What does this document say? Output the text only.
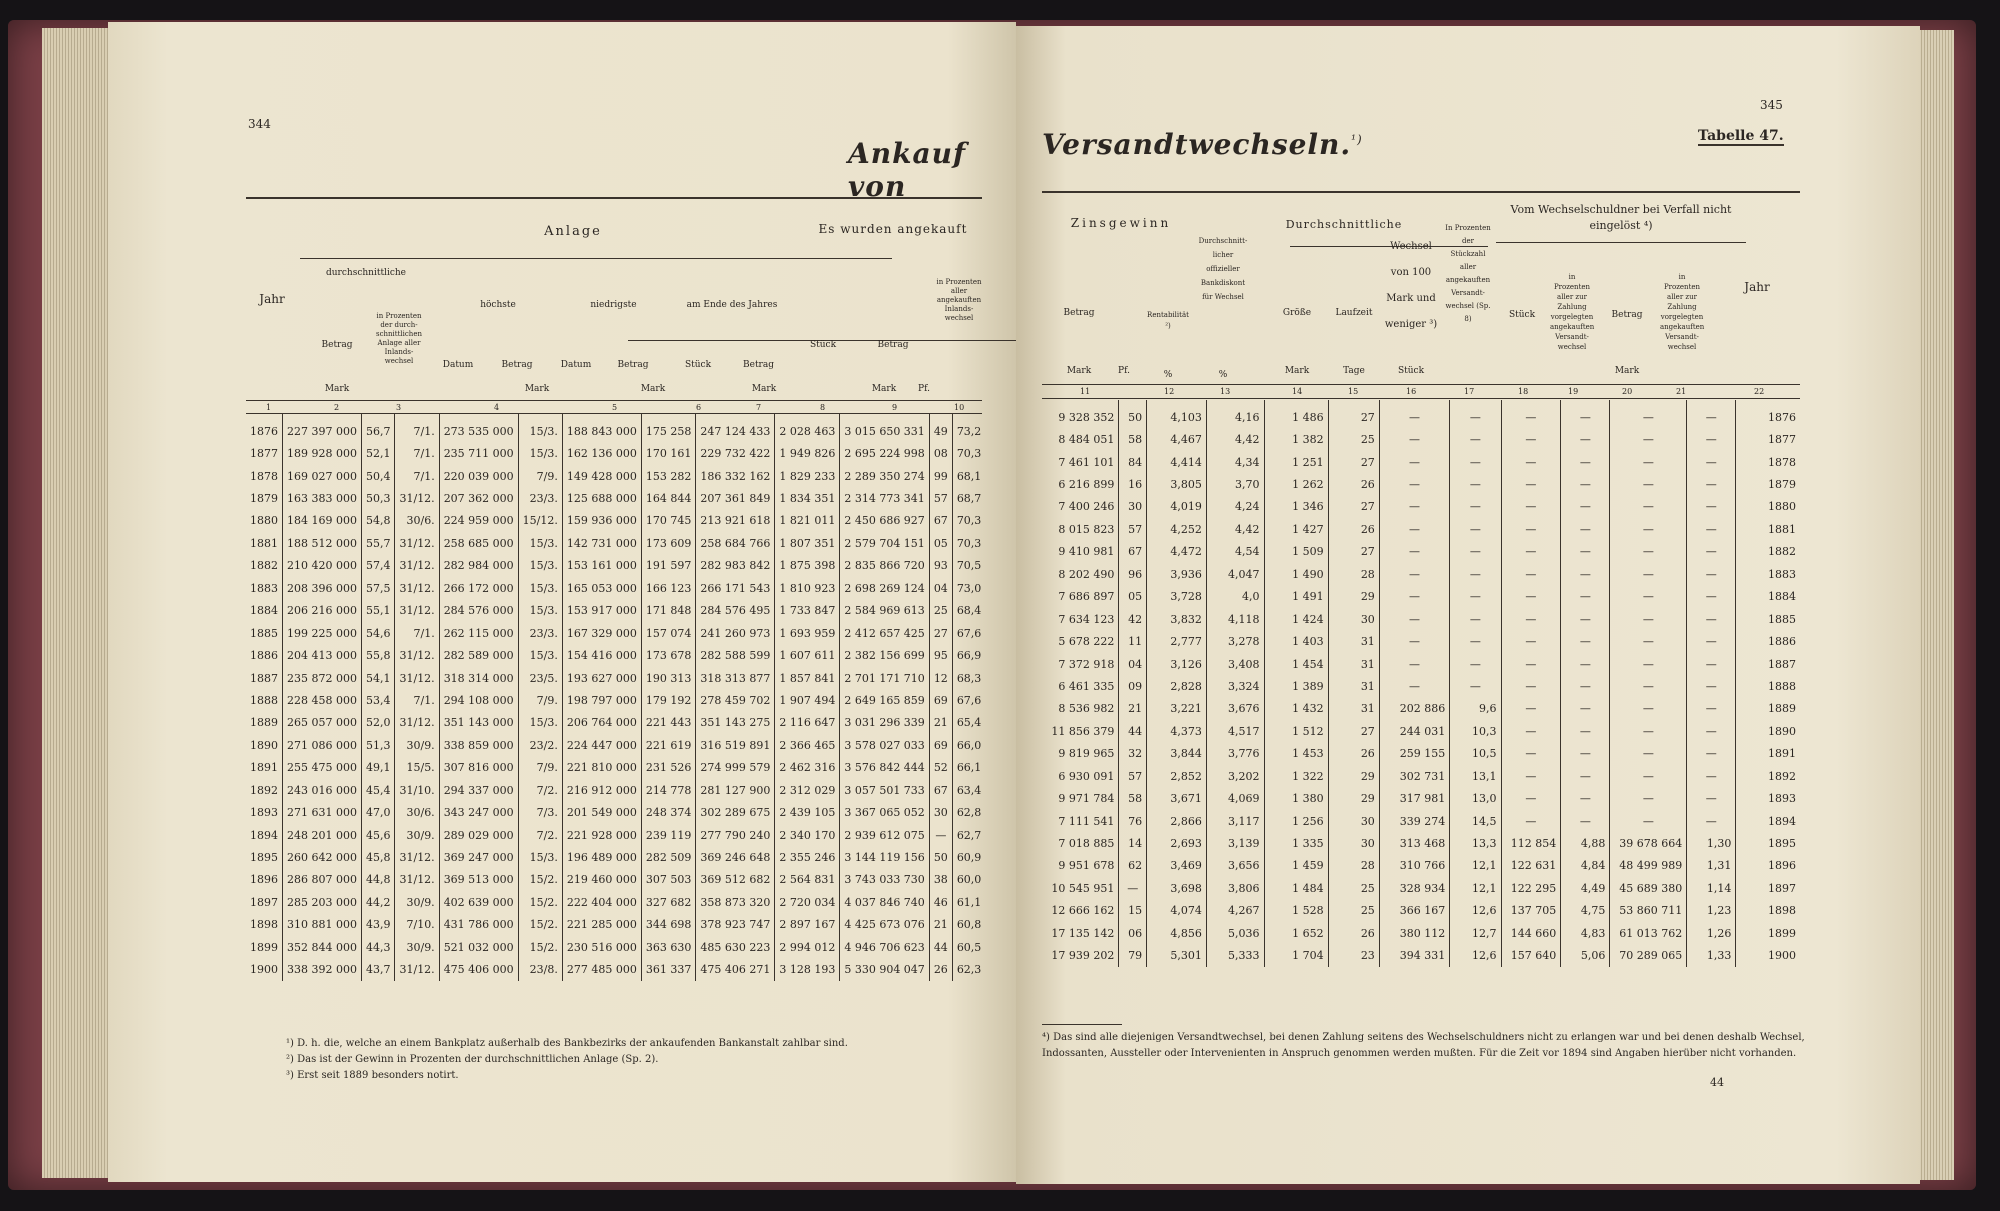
344
Ankauf von
Anlage	Es wurden angekauft
Jahr
durchschnittliche
Betrag
Mark
in Prozenten der durchschnittlichen Anlage aller Inlandswechsel
höchste	niedrigste	am Ende des Jahres
Datum	Betrag	Datum	Betrag	Stück	Betrag
Mark	Mark	Mark
Stück	Betrag
Mark	Pf.
in Prozenten aller angekauften Inlandswechsel
1	2	3	4	5	6	7	8	9	10
1876	227 397 000	56,7	7/1.	273 535 000	15/3.	188 843 000	175 258	247 124 433	2 028 463	3 015 650 331	49	73,2
1877	189 928 000	52,1	7/1.	235 711 000	15/3.	162 136 000	170 161	229 732 422	1 949 826	2 695 224 998	08	70,3
1878	169 027 000	50,4	7/1.	220 039 000	7/9.	149 428 000	153 282	186 332 162	1 829 233	2 289 350 274	99	68,1
1879	163 383 000	50,3	31/12.	207 362 000	23/3.	125 688 000	164 844	207 361 849	1 834 351	2 314 773 341	57	68,7
1880	184 169 000	54,8	30/6.	224 959 000	15/12.	159 936 000	170 745	213 921 618	1 821 011	2 450 686 927	67	70,3
1881	188 512 000	55,7	31/12.	258 685 000	15/3.	142 731 000	173 609	258 684 766	1 807 351	2 579 704 151	05	70,3
1882	210 420 000	57,4	31/12.	282 984 000	15/3.	153 161 000	191 597	282 983 842	1 875 398	2 835 866 720	93	70,5
1883	208 396 000	57,5	31/12.	266 172 000	15/3.	165 053 000	166 123	266 171 543	1 810 923	2 698 269 124	04	73,0
1884	206 216 000	55,1	31/12.	284 576 000	15/3.	153 917 000	171 848	284 576 495	1 733 847	2 584 969 613	25	68,4
1885	199 225 000	54,6	7/1.	262 115 000	23/3.	167 329 000	157 074	241 260 973	1 693 959	2 412 657 425	27	67,6
1886	204 413 000	55,8	31/12.	282 589 000	15/3.	154 416 000	173 678	282 588 599	1 607 611	2 382 156 699	95	66,9
1887	235 872 000	54,1	31/12.	318 314 000	23/5.	193 627 000	190 313	318 313 877	1 857 841	2 701 171 710	12	68,3
1888	228 458 000	53,4	7/1.	294 108 000	7/9.	198 797 000	179 192	278 459 702	1 907 494	2 649 165 859	69	67,6
1889	265 057 000	52,0	31/12.	351 143 000	15/3.	206 764 000	221 443	351 143 275	2 116 647	3 031 296 339	21	65,4
1890	271 086 000	51,3	30/9.	338 859 000	23/2.	224 447 000	221 619	316 519 891	2 366 465	3 578 027 033	69	66,0
1891	255 475 000	49,1	15/5.	307 816 000	7/9.	221 810 000	231 526	274 999 579	2 462 316	3 576 842 444	52	66,1
1892	243 016 000	45,4	31/10.	294 337 000	7/2.	216 912 000	214 778	281 127 900	2 312 029	3 057 501 733	67	63,4
1893	271 631 000	47,0	30/6.	343 247 000	7/3.	201 549 000	248 374	302 289 675	2 439 105	3 367 065 052	30	62,8
1894	248 201 000	45,6	30/9.	289 029 000	7/2.	221 928 000	239 119	277 790 240	2 340 170	2 939 612 075	—	62,7
1895	260 642 000	45,8	31/12.	369 247 000	15/3.	196 489 000	282 509	369 246 648	2 355 246	3 144 119 156	50	60,9
1896	286 807 000	44,8	31/12.	369 513 000	15/2.	219 460 000	307 503	369 512 682	2 564 831	3 743 033 730	38	60,0
1897	285 203 000	44,2	30/9.	402 639 000	15/2.	222 404 000	327 682	358 873 320	2 720 034	4 037 846 740	46	61,1
1898	310 881 000	43,9	7/10.	431 786 000	15/2.	221 285 000	344 698	378 923 747	2 897 167	4 425 673 076	21	60,8
1899	352 844 000	44,3	30/9.	521 032 000	15/2.	230 516 000	363 630	485 630 223	2 994 012	4 946 706 623	44	60,5
1900	338 392 000	43,7	31/12.	475 406 000	23/8.	277 485 000	361 337	475 406 271	3 128 193	5 330 904 047	26	62,3
¹) D. h. die, welche an einem Bankplatz außerhalb des Bankbezirks der ankaufenden Bankanstalt zahlbar sind.
²) Das ist der Gewinn in Prozenten der durchschnittlichen Anlage (Sp. 2).
³) Erst seit 1889 besonders notirt.
345
Versandtwechseln.$^{^1)}$	Tabelle 47.
Zinsgewinn
Betrag
Mark	Pf.
Rentabilität ²)
%
Durchschnittlicher offizieller Bankdiskont für Wechsel
%
Durchschnittliche
Größe	Laufzeit
Mark	Tage
Wechsel von 100 Mark und weniger ³)
Stück
In Prozenten der Stückzahl aller angekauften Versandtwechsel (Sp. 8)
Vom Wechselschuldner bei Verfall nicht eingelöst ⁴)
Stück
in Prozenten aller zur Zahlung vorgelegten angekauften Versandtwechsel
Betrag
Mark
in Prozenten aller zur Zahlung vorgelegten angekauften Versandtwechsel
Jahr
11	12	13	14	15	16	17	18	19	20	21	22
9 328 352	50	4,103	4,16	1 486	27	—	—	—	—	—	—	1876
8 484 051	58	4,467	4,42	1 382	25	—	—	—	—	—	—	1877
7 461 101	84	4,414	4,34	1 251	27	—	—	—	—	—	—	1878
6 216 899	16	3,805	3,70	1 262	26	—	—	—	—	—	—	1879
7 400 246	30	4,019	4,24	1 346	27	—	—	—	—	—	—	1880
8 015 823	57	4,252	4,42	1 427	26	—	—	—	—	—	—	1881
9 410 981	67	4,472	4,54	1 509	27	—	—	—	—	—	—	1882
8 202 490	96	3,936	4,047	1 490	28	—	—	—	—	—	—	1883
7 686 897	05	3,728	4,0	1 491	29	—	—	—	—	—	—	1884
7 634 123	42	3,832	4,118	1 424	30	—	—	—	—	—	—	1885
5 678 222	11	2,777	3,278	1 403	31	—	—	—	—	—	—	1886
7 372 918	04	3,126	3,408	1 454	31	—	—	—	—	—	—	1887
6 461 335	09	2,828	3,324	1 389	31	—	—	—	—	—	—	1888
8 536 982	21	3,221	3,676	1 432	31	202 886	9,6	—	—	—	—	1889
11 856 379	44	4,373	4,517	1 512	27	244 031	10,3	—	—	—	—	1890
9 819 965	32	3,844	3,776	1 453	26	259 155	10,5	—	—	—	—	1891
6 930 091	57	2,852	3,202	1 322	29	302 731	13,1	—	—	—	—	1892
9 971 784	58	3,671	4,069	1 380	29	317 981	13,0	—	—	—	—	1893
7 111 541	76	2,866	3,117	1 256	30	339 274	14,5	—	—	—	—	1894
7 018 885	14	2,693	3,139	1 335	30	313 468	13,3	112 854	4,88	39 678 664	1,30	1895
9 951 678	62	3,469	3,656	1 459	28	310 766	12,1	122 631	4,84	48 499 989	1,31	1896
10 545 951	—	3,698	3,806	1 484	25	328 934	12,1	122 295	4,49	45 689 380	1,14	1897
12 666 162	15	4,074	4,267	1 528	25	366 167	12,6	137 705	4,75	53 860 711	1,23	1898
17 135 142	06	4,856	5,036	1 652	26	380 112	12,7	144 660	4,83	61 013 762	1,26	1899
17 939 202	79	5,301	5,333	1 704	23	394 331	12,6	157 640	5,06	70 289 065	1,33	1900
⁴) Das sind alle diejenigen Versandtwechsel, bei denen Zahlung seitens des Wechselschuldners nicht zu erlangen war und bei denen deshalb Wechsel, Indossanten, Aussteller oder Intervenienten in Anspruch genommen werden mußten. Für die Zeit vor 1894 sind Angaben hierüber nicht vorhanden.
44
